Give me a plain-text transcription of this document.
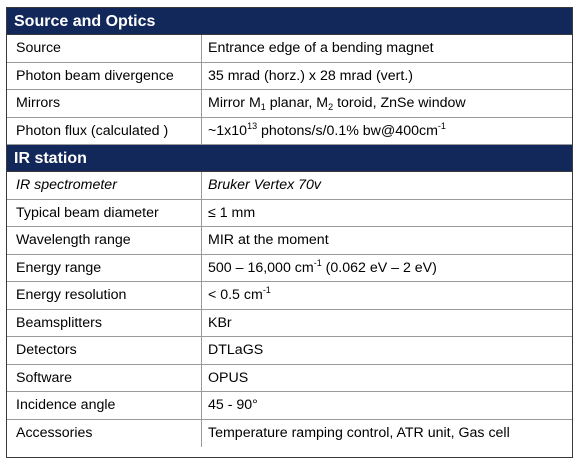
Source and Optics
Source	Entrance edge of a bending magnet
Photon beam divergence	35 mrad (horz.) x 28 mrad (vert.)
Mirrors	Mirror $M_1$ planar, $M_2$ toroid, ZnSe window
Photon flux (calculated )	$\sim 1x10^{13}$ photons/s/0.1% $bw@400cm^{-1}$
IR station
IR spectrometer	Bruker Vertex 70v
Typical beam diameter	≤ 1 mm
Wavelength range	MIR at the moment
Energy range	500 – 16,000 $cm^{-1}$ (0.062 eV – 2 eV)
Energy resolution	< 0.5 $cm^{-1}$
Beamsplitters	KBr
Detectors	DTLaGS
Software	OPUS
Incidence angle	45 - 90°
Accessories	Temperature ramping control, ATR unit, Gas cell
